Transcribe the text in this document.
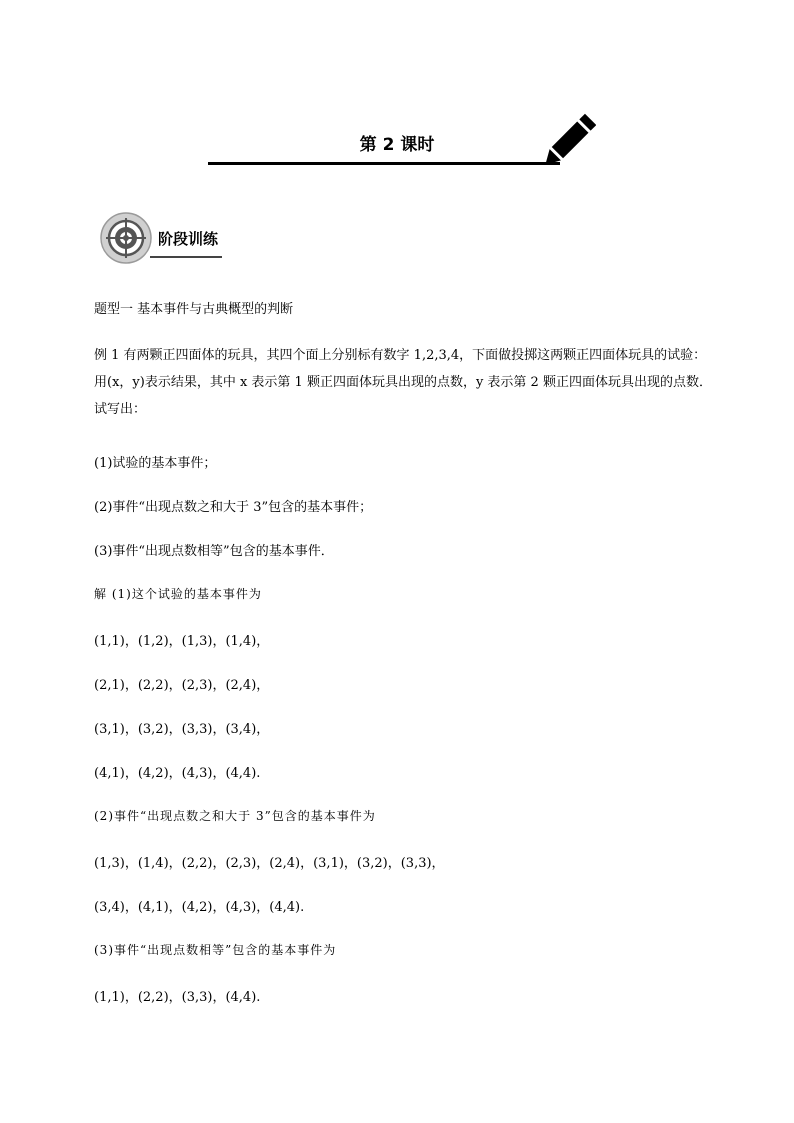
第 2 课时
阶段训练
题型一 基本事件与古典概型的判断
例 1 有两颗正四面体的玩具，其四个面上分别标有数字 1,2,3,4，下面做投掷这两颗正四面体玩具的试验：用(x，y)表示结果，其中 x 表示第 1 颗正四面体玩具出现的点数，y 表示第 2 颗正四面体玩具出现的点数．试写出：
(1)试验的基本事件；
(2)事件“出现点数之和大于 3”包含的基本事件；
(3)事件“出现点数相等”包含的基本事件．
解 (1)这个试验的基本事件为
(1,1)，(1,2)，(1,3)，(1,4)，
(2,1)，(2,2)，(2,3)，(2,4)，
(3,1)，(3,2)，(3,3)，(3,4)，
(4,1)，(4,2)，(4,3)，(4,4).
(2)事件“出现点数之和大于 3”包含的基本事件为
(1,3)，(1,4)，(2,2)，(2,3)，(2,4)，(3,1)，(3,2)，(3,3)，
(3,4)，(4,1)，(4,2)，(4,3)，(4,4).
(3)事件“出现点数相等”包含的基本事件为
(1,1)，(2,2)，(3,3)，(4,4).
